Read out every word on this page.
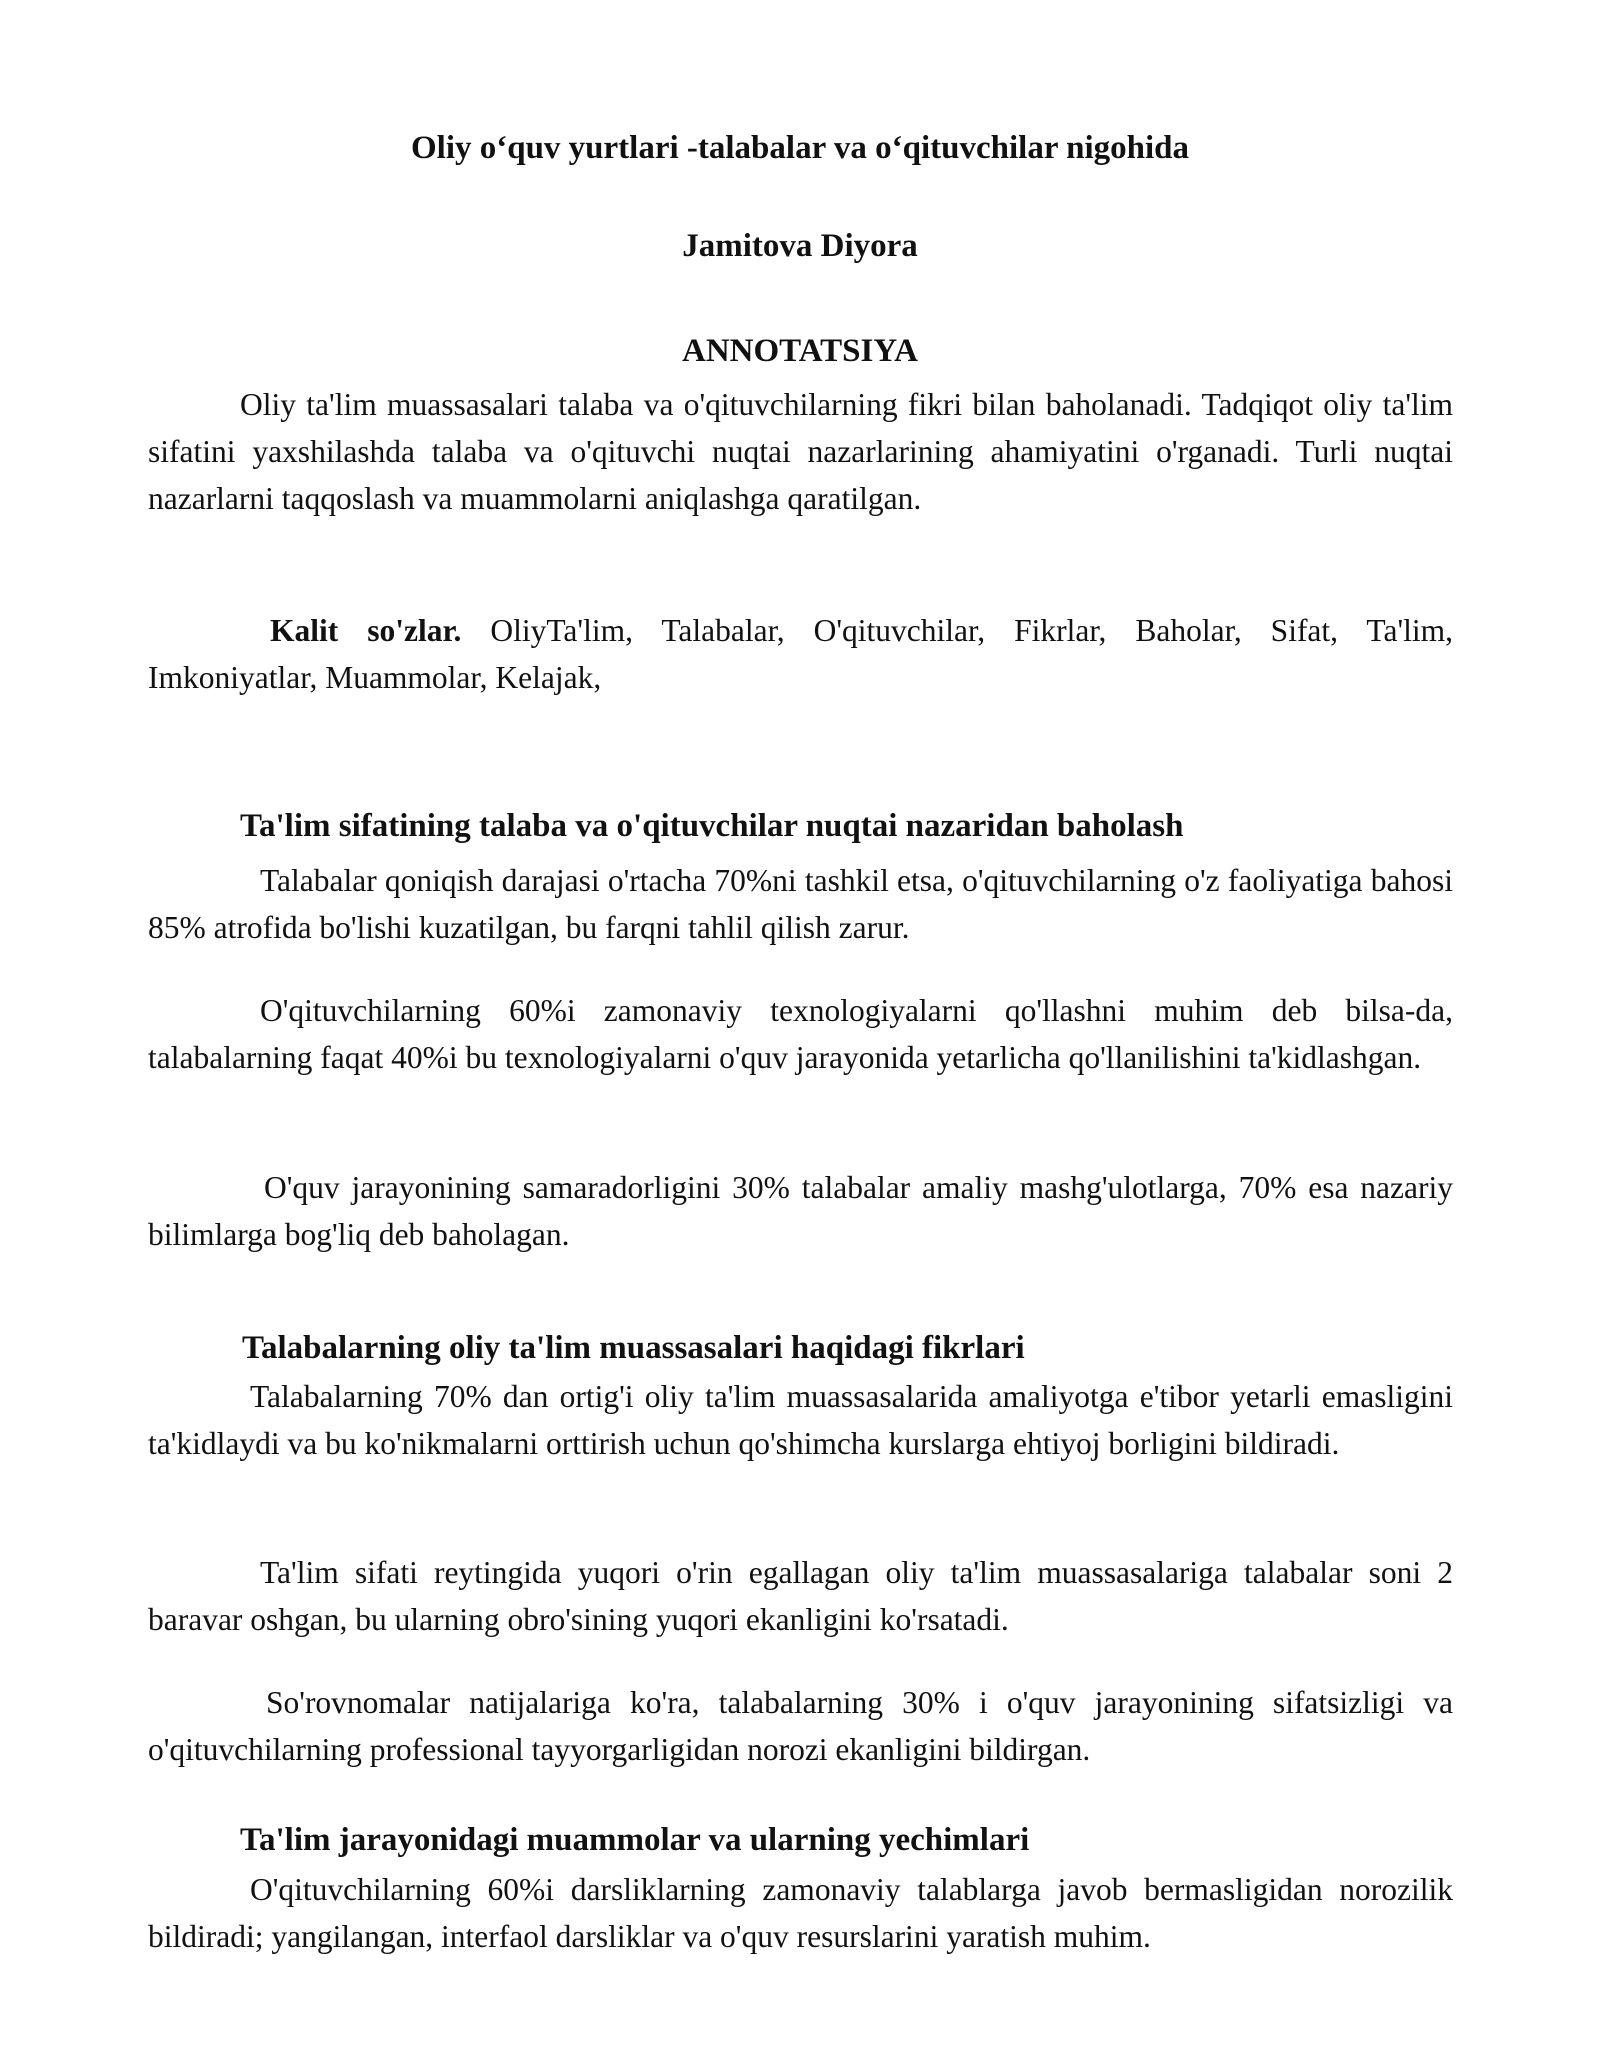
Oliy o‘quv yurtlari -talabalar va o‘qituvchilar nigohida
Jamitova Diyora
ANNOTATSIYA

Oliy ta'lim muassasalari talaba va o'qituvchilarning fikri bilan baholanadi. Tadqiqot oliy ta'lim sifatini yaxshilashda talaba va o'qituvchi nuqtai nazarlarining ahamiyatini o'rganadi. Turli nuqtai nazarlarni taqqoslash va muammolarni aniqlashga qaratilgan.

Kalit so'zlar. OliyTa'lim, Talabalar, O'qituvchilar, Fikrlar, Baholar, Sifat, Ta'lim, Imkoniyatlar, Muammolar, Kelajak,

Ta'lim sifatining talaba va o'qituvchilar nuqtai nazaridan baholash

Talabalar qoniqish darajasi o'rtacha 70%ni tashkil etsa, o'qituvchilarning o'z faoliyatiga bahosi 85% atrofida bo'lishi kuzatilgan, bu farqni tahlil qilish zarur.

O'qituvchilarning 60%i zamonaviy texnologiyalarni qo'llashni muhim deb bilsa-da, talabalarning faqat 40%i bu texnologiyalarni o'quv jarayonida yetarlicha qo'llanilishini ta'kidlashgan.

O'quv jarayonining samaradorligini 30% talabalar amaliy mashg'ulotlarga, 70% esa nazariy bilimlarga bog'liq deb baholagan.

Talabalarning oliy ta'lim muassasalari haqidagi fikrlari

Talabalarning 70% dan ortig'i oliy ta'lim muassasalarida amaliyotga e'tibor yetarli emasligini ta'kidlaydi va bu ko'nikmalarni orttirish uchun qo'shimcha kurslarga ehtiyoj borligini bildiradi.

Ta'lim sifati reytingida yuqori o'rin egallagan oliy ta'lim muassasalariga talabalar soni 2 baravar oshgan, bu ularning obro'sining yuqori ekanligini ko'rsatadi.

So'rovnomalar natijalariga ko'ra, talabalarning 30% i o'quv jarayonining sifatsizligi va o'qituvchilarning professional tayyorgarligidan norozi ekanligini bildirgan.

Ta'lim jarayonidagi muammolar va ularning yechimlari

O'qituvchilarning 60%i darsliklarning zamonaviy talablarga javob bermasligidan norozilik bildiradi; yangilangan, interfaol darsliklar va o'quv resurslarini yaratish muhim.
